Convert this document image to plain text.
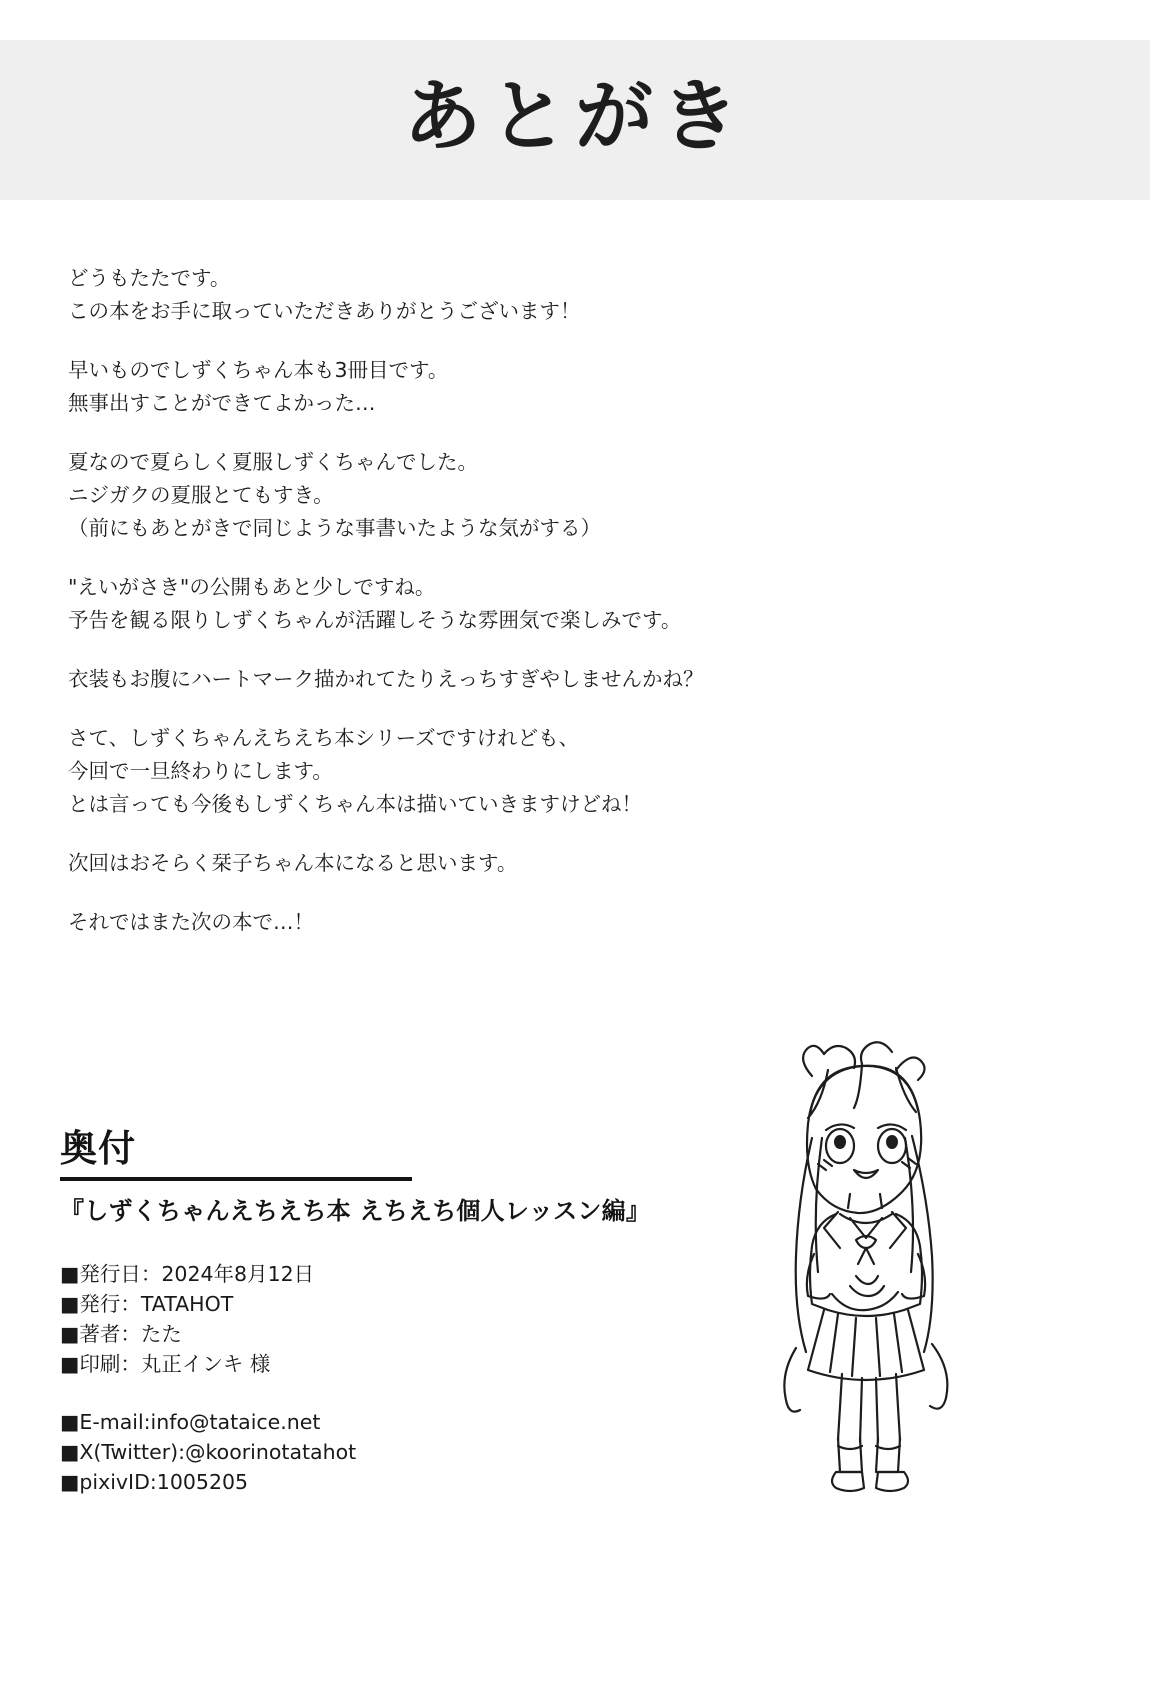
あとがき
どうもたたです。
この本をお手に取っていただきありがとうございます！
早いものでしずくちゃん本も3冊目です。
無事出すことができてよかった…
夏なので夏らしく夏服しずくちゃんでした。
ニジガクの夏服とてもすき。
（前にもあとがきで同じような事書いたような気がする）
"えいがさき"の公開もあと少しですね。
予告を観る限りしずくちゃんが活躍しそうな雰囲気で楽しみです。
衣装もお腹にハートマーク描かれてたりえっちすぎやしませんかね？
さて、しずくちゃんえちえち本シリーズですけれども、
今回で一旦終わりにします。
とは言っても今後もしずくちゃん本は描いていきますけどね！
次回はおそらく栞子ちゃん本になると思います。
それではまた次の本で…！
奥付
『しずくちゃんえちえち本 えちえち個人レッスン編』
■発行日：2024年8月12日
■発行：TATAHOT
■著者：たた
■印刷：丸正インキ 様
■E-mail:info@tataice.net
■X(Twitter):@koorinotatahot
■pixivID:1005205
